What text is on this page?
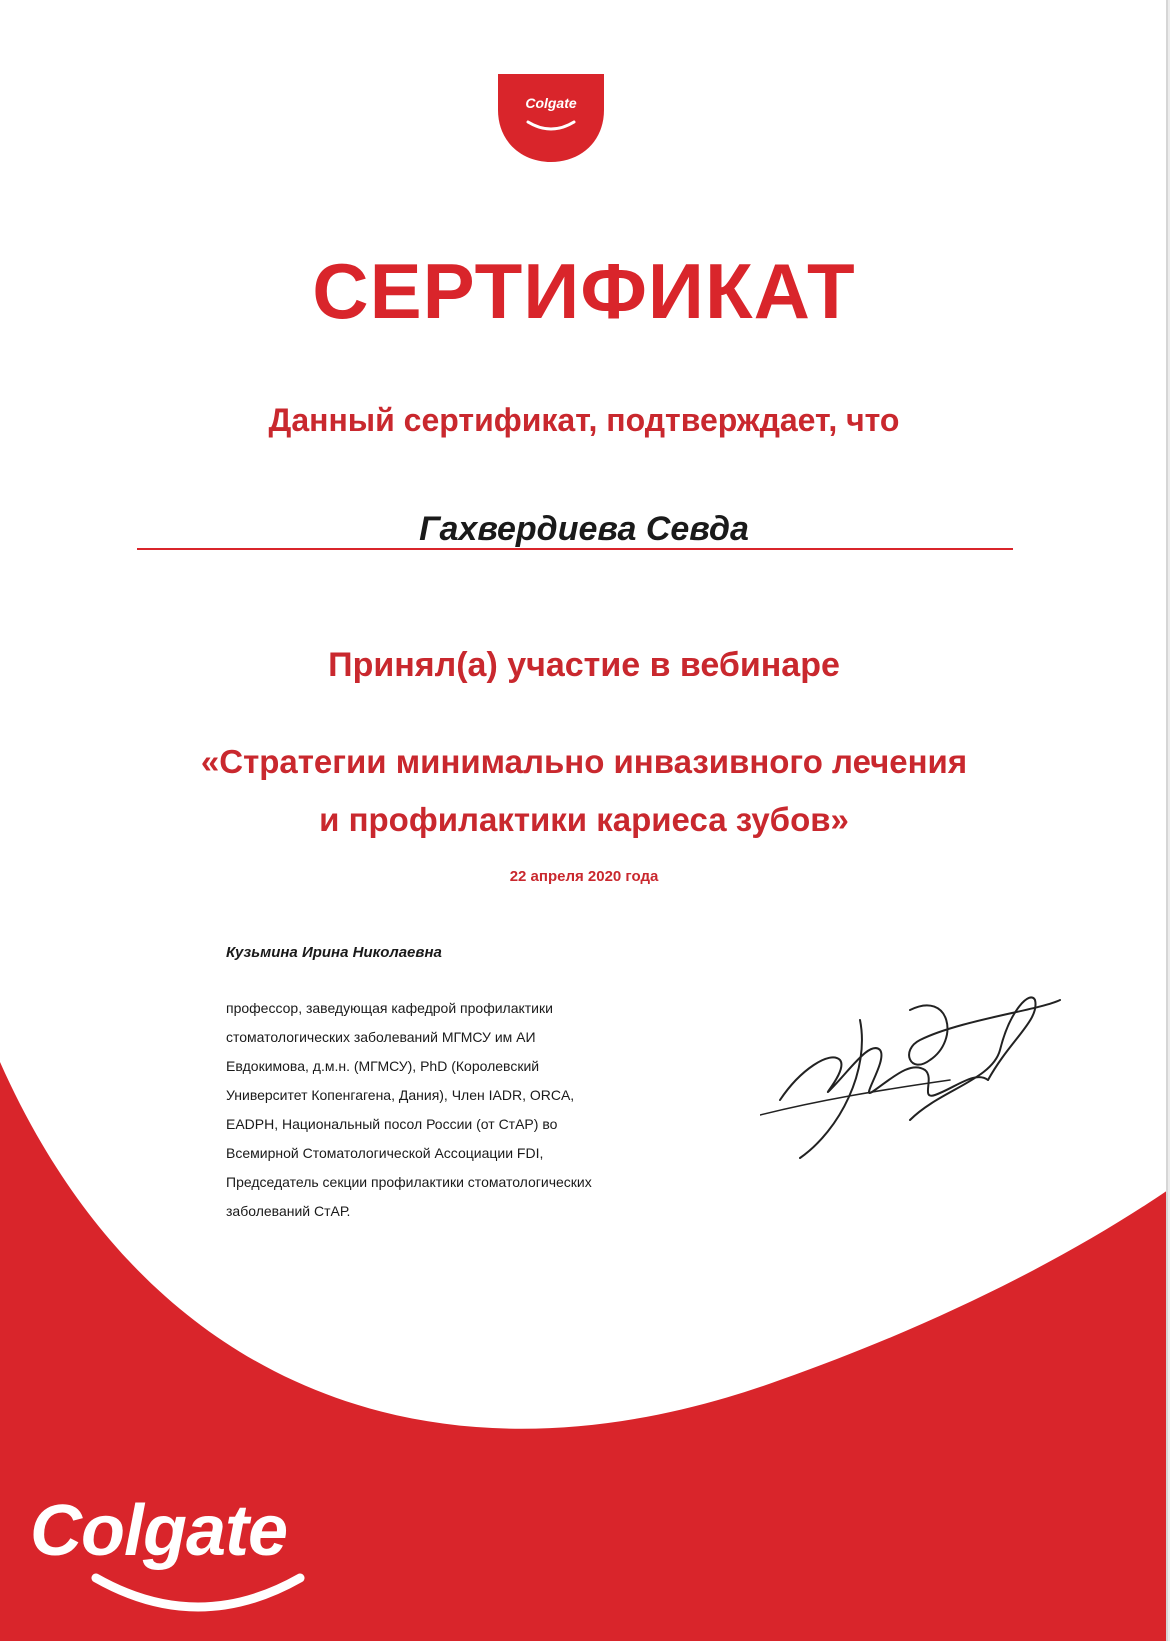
Colgate
СЕРТИФИКАТ
Данный сертификат, подтверждает, что
Гахвердиева Севда
Принял(а) участие в вебинаре
«Стратегии минимально инвазивного лечения
и профилактики кариеса зубов»
22 апреля 2020 года
Кузьмина Ирина Николаевна
профессор, заведующая кафедрой профилактики
стоматологических заболеваний МГМСУ им АИ
Евдокимова, д.м.н. (МГМСУ), PhD (Королевский
Университет Копенгагена, Дания), Член IADR, ORCA,
EADPH, Национальный посол России (от СтАР) во
Всемирной Стоматологической Ассоциации FDI,
Председатель секции профилактики стоматологических
заболеваний СтАР.
Colgate
